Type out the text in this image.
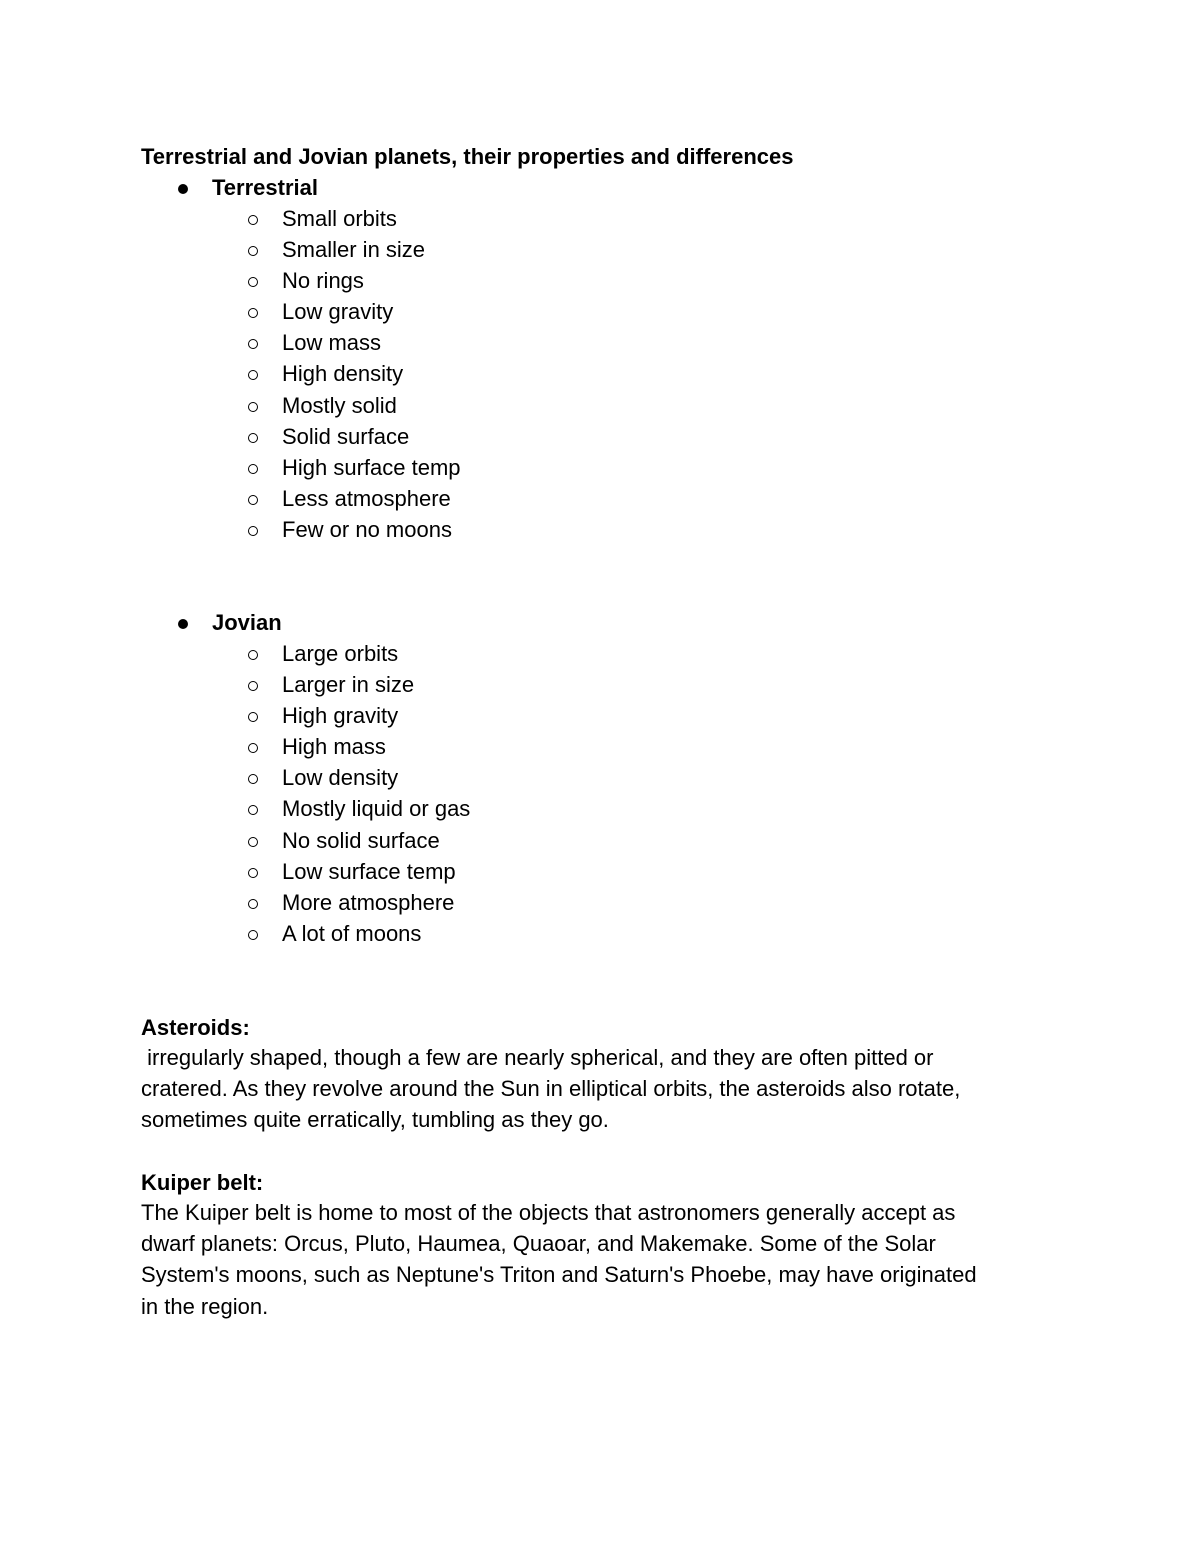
Terrestrial and Jovian planets, their properties and differences
Terrestrial
Small orbits
Smaller in size
No rings
Low gravity
Low mass
High density
Mostly solid
Solid surface
High surface temp
Less atmosphere
Few or no moons
Jovian
Large orbits
Larger in size
High gravity
High mass
Low density
Mostly liquid or gas
No solid surface
Low surface temp
More atmosphere
A lot of moons
Asteroids:

irregularly shaped, though a few are nearly spherical, and they are often pitted or
cratered. As they revolve around the Sun in elliptical orbits, the asteroids also rotate,
sometimes quite erratically, tumbling as they go.

Kuiper belt:

The Kuiper belt is home to most of the objects that astronomers generally accept as
dwarf planets: Orcus, Pluto, Haumea, Quaoar, and Makemake. Some of the Solar
System's moons, such as Neptune's Triton and Saturn's Phoebe, may have originated
in the region.
